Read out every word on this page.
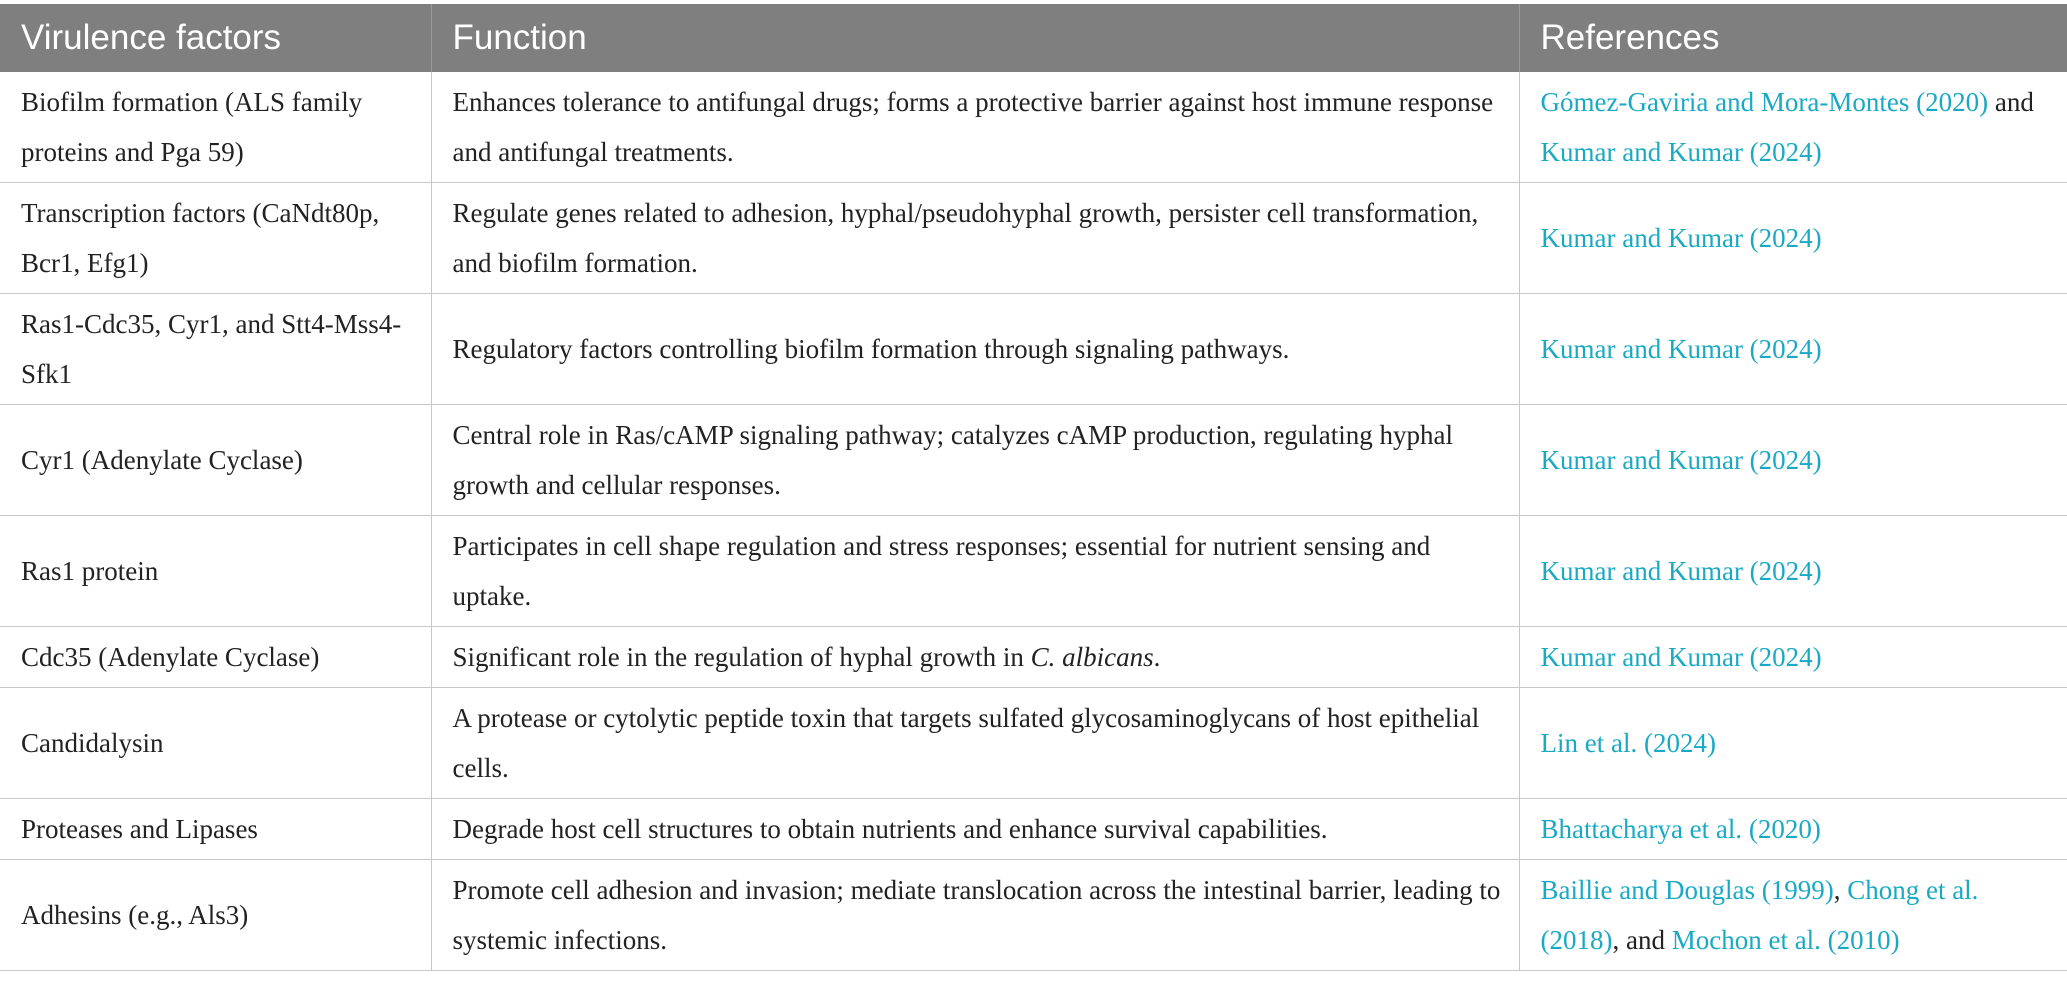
Virulence factors	Function	References
Biofilm formation (ALS family proteins and Pga 59)	Enhances tolerance to antifungal drugs; forms a protective barrier against host immune response and antifungal treatments.	Gómez-Gaviria and Mora-Montes (2020) and Kumar and Kumar (2024)
Transcription factors (CaNdt80p, Bcr1, Efg1)	Regulate genes related to adhesion, hyphal/pseudohyphal growth, persister cell transformation, and biofilm formation.	Kumar and Kumar (2024)
Ras1-Cdc35, Cyr1, and Stt4-Mss4-Sfk1	Regulatory factors controlling biofilm formation through signaling pathways.	Kumar and Kumar (2024)
Cyr1 (Adenylate Cyclase)	Central role in Ras/cAMP signaling pathway; catalyzes cAMP production, regulating hyphal growth and cellular responses.	Kumar and Kumar (2024)
Ras1 protein	Participates in cell shape regulation and stress responses; essential for nutrient sensing and uptake.	Kumar and Kumar (2024)
Cdc35 (Adenylate Cyclase)	Significant role in the regulation of hyphal growth in C. albicans.	Kumar and Kumar (2024)
Candidalysin	A protease or cytolytic peptide toxin that targets sulfated glycosaminoglycans of host epithelial cells.	Lin et al. (2024)
Proteases and Lipases	Degrade host cell structures to obtain nutrients and enhance survival capabilities.	Bhattacharya et al. (2020)
Adhesins (e.g., Als3)	Promote cell adhesion and invasion; mediate translocation across the intestinal barrier, leading to systemic infections.	Baillie and Douglas (1999), Chong et al. (2018), and Mochon et al. (2010)
